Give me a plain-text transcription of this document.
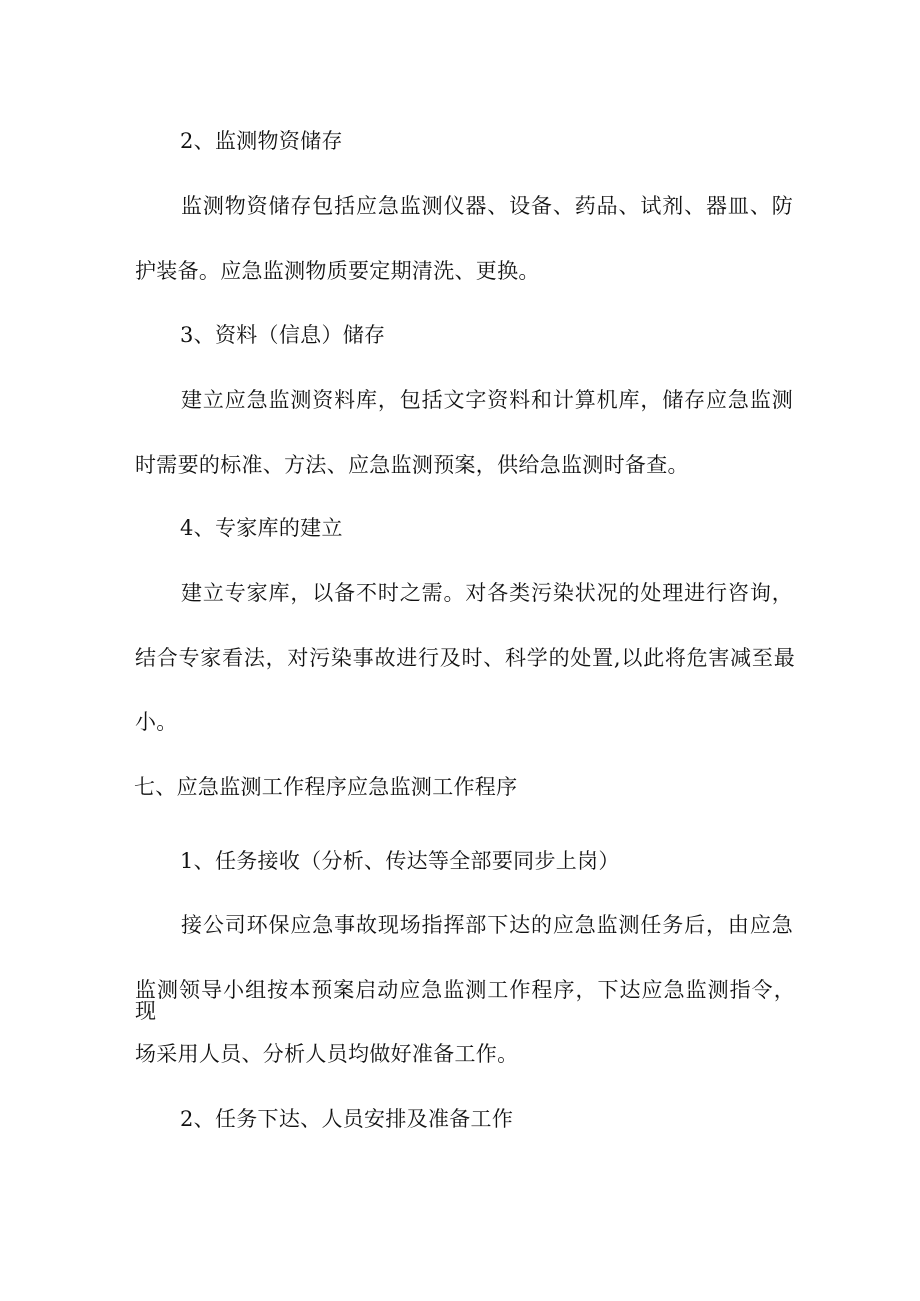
2、监测物资储存

监测物资储存包括应急监测仪器、设备、药品、试剂、器皿、防

护装备。应急监测物质要定期清洗、更换。

3、资料（信息）储存

建立应急监测资料库，包括文字资料和计算机库，储存应急监测

时需要的标准、方法、应急监测预案，供给急监测时备查。

4、专家库的建立

建立专家库，以备不时之需。对各类污染状况的处理进行咨询，

结合专家看法，对污染事故进行及时、科学的处置,以此将危害减至最

小。

七、应急监测工作程序应急监测工作程序

1、任务接收（分析、传达等全部要同步上岗）

接公司环保应急事故现场指挥部下达的应急监测任务后，由应急

监测领导小组按本预案启动应急监测工作程序，下达应急监测指令，现

场采用人员、分析人员均做好准备工作。

2、任务下达、人员安排及准备工作
